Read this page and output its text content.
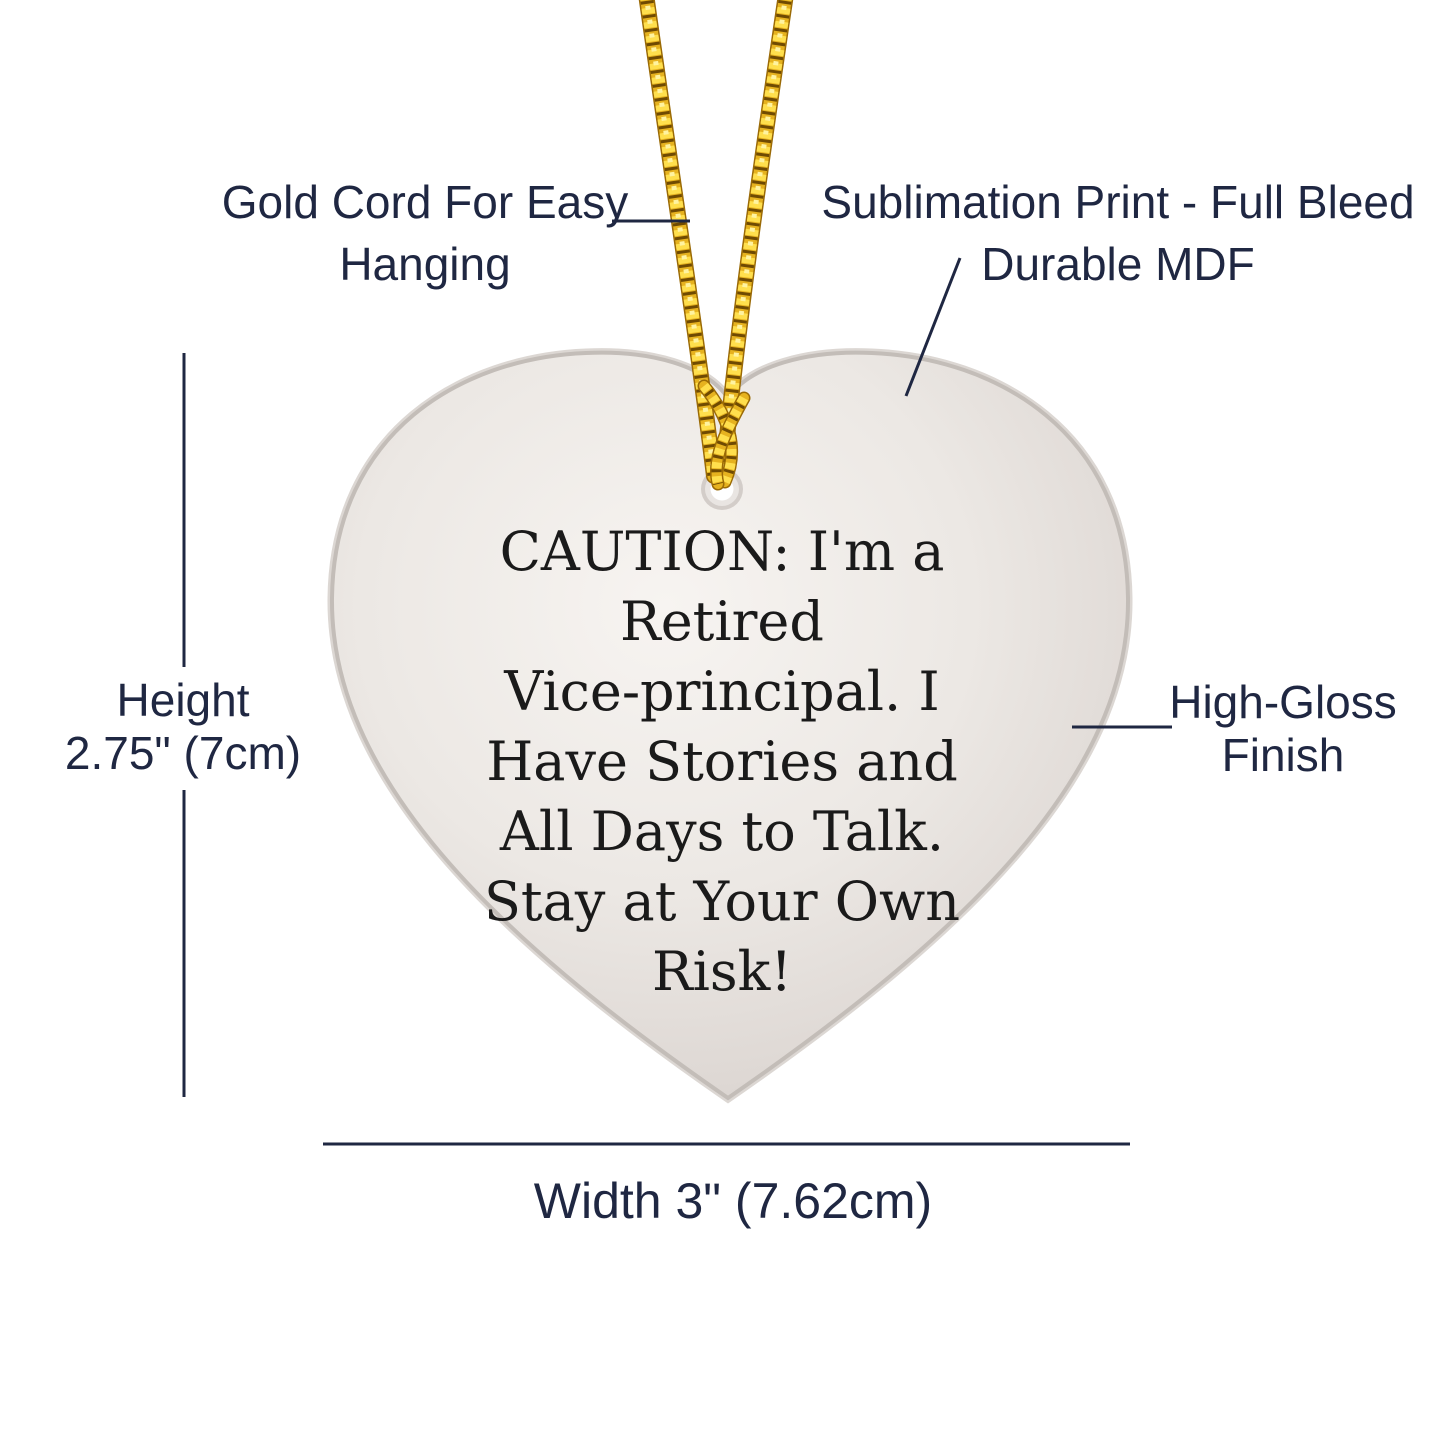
Gold Cord For Easy
Hanging
Sublimation Print - Full Bleed
Durable MDF
Height
2.75" (7cm)
High-Gloss
Finish
Width 3" (7.62cm)
CAUTION: I'm a
Retired
Vice-principal. I
Have Stories and
All Days to Talk.
Stay at Your Own
Risk!
